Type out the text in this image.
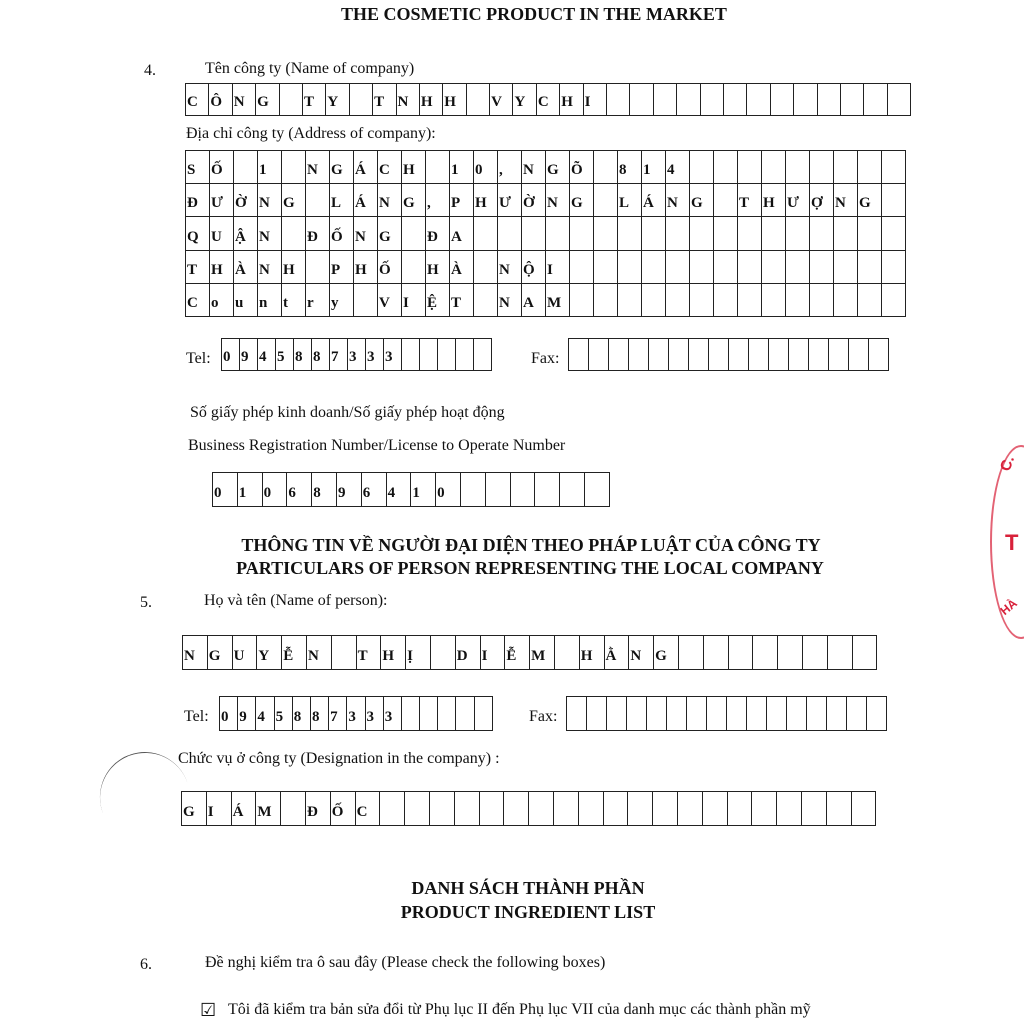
THE COSMETIC PRODUCT IN THE MARKET
4.	Tên công ty (Name of company)
C Ô N G	T Y	T N H H	V Y C H I
Địa chỉ công ty (Address of company):
S	Ố	1	N G Á C H	1	0	,	N G Õ	8	1	4
Đ Ư Ờ N G	L Á N G ,	P H Ư Ờ N G	L Á N G	T H Ư Ợ N G
Q U Ậ N	Đ Ố N G	Đ A
T H À N H	P H Ố	H À	N Ộ I
C o	u	n	t	r	y	V I	Ệ T	N A M
Tel: 0 9 4 5 8 8 7 3 3 3	Fax:
Số giấy phép kinh doanh/Số giấy phép hoạt động
Business Registration Number/License to Operate Number
0	1	0	6	8	9	6	4	1	0
THÔNG TIN VỀ NGƯỜI ĐẠI DIỆN THEO PHÁP LUẬT CỦA CÔNG TY
PARTICULARS OF PERSON REPRESENTING THE LOCAL COMPANY
5.	Họ và tên (Name of person):
N G U Y Ễ N	T H Ị	D I	Ễ M	H Ằ N G
Tel: 0 9 4 5 8 8 7 3 3 3	Fax:
Chức vụ ở công ty (Designation in the company) :
G I	Á M	Đ Ố C
DANH SÁCH THÀNH PHẦN
PRODUCT INGREDIENT LIST
6.	Đề nghị kiểm tra ô sau đây (Please check the following boxes)
☑ Tôi đã kiểm tra bản sửa đổi từ Phụ lục II đến Phụ lục VII của danh mục các thành phần mỹ
C.
T
HÀ
